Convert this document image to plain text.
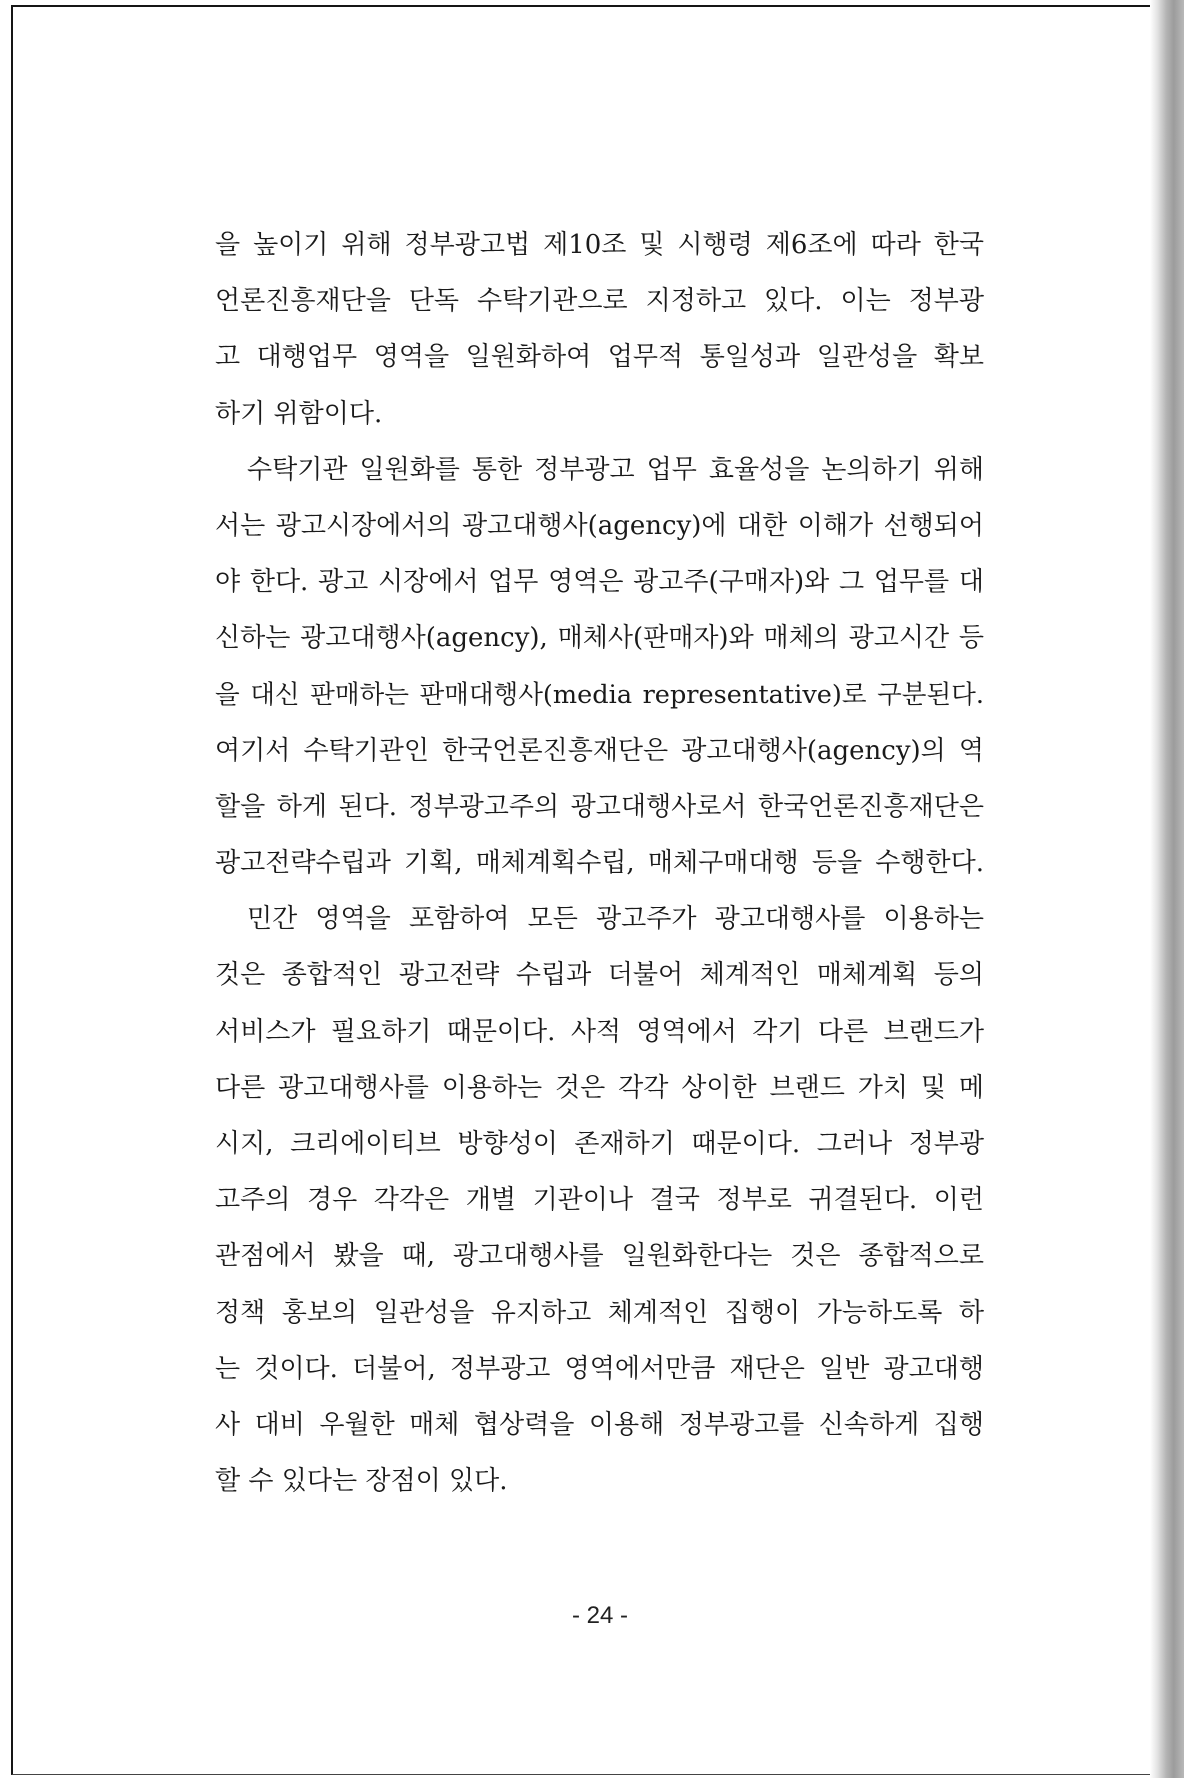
을 높이기 위해 정부광고법 제10조 및 시행령 제6조에 따라 한국
언론진흥재단을 단독 수탁기관으로 지정하고 있다. 이는 정부광
고 대행업무 영역을 일원화하여 업무적 통일성과 일관성을 확보
하기 위함이다.
수탁기관 일원화를 통한 정부광고 업무 효율성을 논의하기 위해
서는 광고시장에서의 광고대행사(agency)에 대한 이해가 선행되어
야 한다. 광고 시장에서 업무 영역은 광고주(구매자)와 그 업무를 대
신하는 광고대행사(agency), 매체사(판매자)와 매체의 광고시간 등
을 대신 판매하는 판매대행사(media representative)로 구분된다.
여기서 수탁기관인 한국언론진흥재단은 광고대행사(agency)의 역
할을 하게 된다. 정부광고주의 광고대행사로서 한국언론진흥재단은
광고전략수립과 기획, 매체계획수립, 매체구매대행 등을 수행한다.
민간 영역을 포함하여 모든 광고주가 광고대행사를 이용하는
것은 종합적인 광고전략 수립과 더불어 체계적인 매체계획 등의
서비스가 필요하기 때문이다. 사적 영역에서 각기 다른 브랜드가
다른 광고대행사를 이용하는 것은 각각 상이한 브랜드 가치 및 메
시지, 크리에이티브 방향성이 존재하기 때문이다. 그러나 정부광
고주의 경우 각각은 개별 기관이나 결국 정부로 귀결된다. 이런
관점에서 봤을 때, 광고대행사를 일원화한다는 것은 종합적으로
정책 홍보의 일관성을 유지하고 체계적인 집행이 가능하도록 하
는 것이다. 더불어, 정부광고 영역에서만큼 재단은 일반 광고대행
사 대비 우월한 매체 협상력을 이용해 정부광고를 신속하게 집행
할 수 있다는 장점이 있다.
- 24 -
